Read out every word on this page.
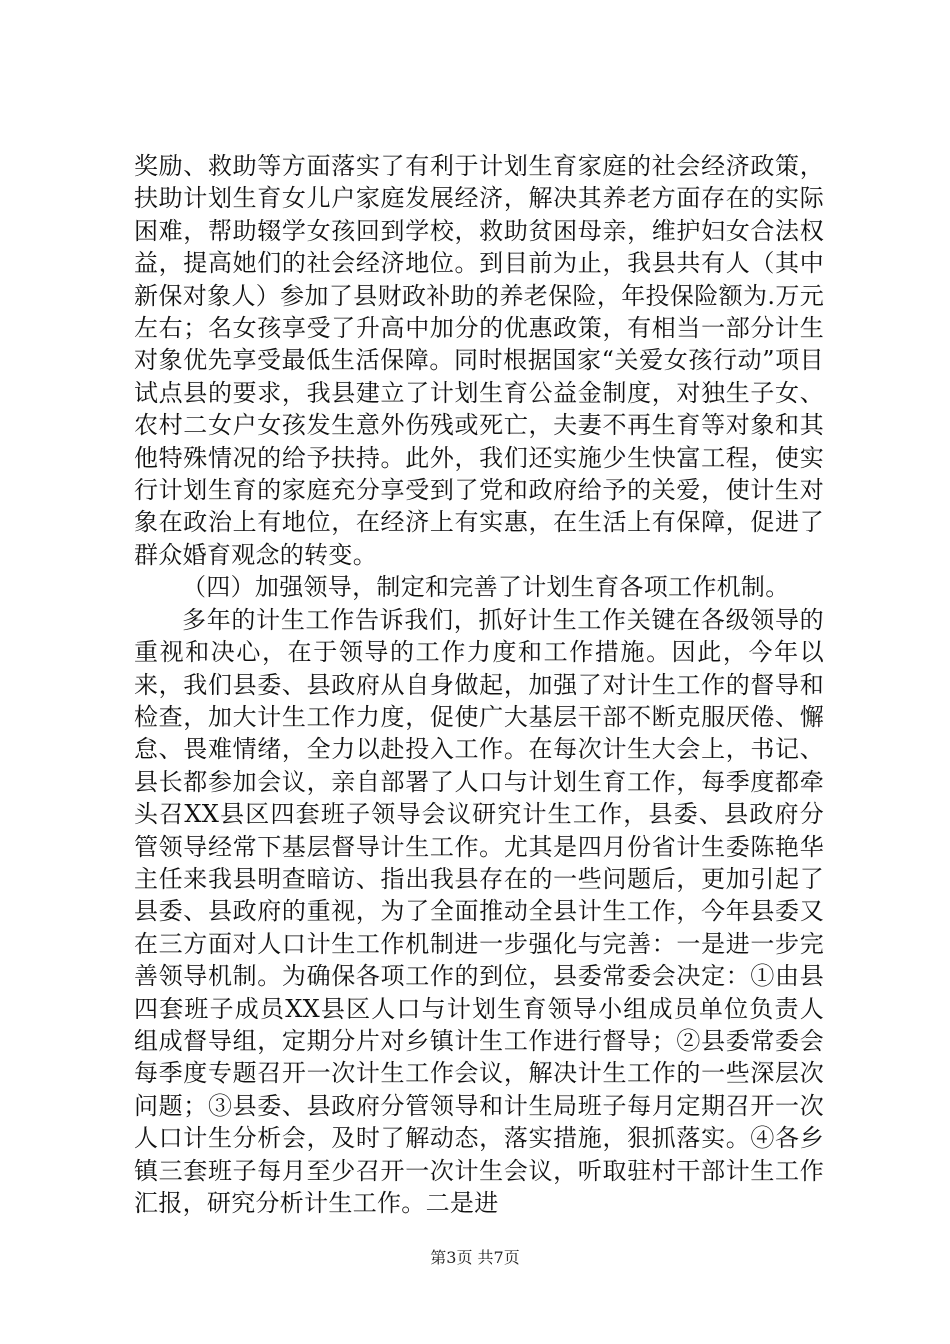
奖励、救助等方面落实了有利于计划生育家庭的社会经济政策，扶助计划生育女儿户家庭发展经济，解决其养老方面存在的实际困难，帮助辍学女孩回到学校，救助贫困母亲，维护妇女合法权益，提高她们的社会经济地位。到目前为止，我县共有人（其中新保对象人）参加了县财政补助的养老保险，年投保险额为.万元左右；名女孩享受了升高中加分的优惠政策，有相当一部分计生对象优先享受最低生活保障。同时根据国家“关爱女孩行动”项目试点县的要求，我县建立了计划生育公益金制度，对独生子女、农村二女户女孩发生意外伤残或死亡，夫妻不再生育等对象和其他特殊情况的给予扶持。此外，我们还实施少生快富工程，使实行计划生育的家庭充分享受到了党和政府给予的关爱，使计生对象在政治上有地位，在经济上有实惠，在生活上有保障，促进了群众婚育观念的转变。

（四）加强领导，制定和完善了计划生育各项工作机制。

多年的计生工作告诉我们，抓好计生工作关键在各级领导的重视和决心，在于领导的工作力度和工作措施。因此，今年以来，我们县委、县政府从自身做起，加强了对计生工作的督导和检查，加大计生工作力度，促使广大基层干部不断克服厌倦、懈怠、畏难情绪，全力以赴投入工作。在每次计生大会上，书记、县长都参加会议，亲自部署了人口与计划生育工作，每季度都牵头召XX县区四套班子领导会议研究计生工作，县委、县政府分管领导经常下基层督导计生工作。尤其是四月份省计生委陈艳华主任来我县明查暗访、指出我县存在的一些问题后，更加引起了县委、县政府的重视，为了全面推动全县计生工作，今年县委又在三方面对人口计生工作机制进一步强化与完善：一是进一步完善领导机制。为确保各项工作的到位，县委常委会决定：①由县四套班子成员XX县区人口与计划生育领导小组成员单位负责人组成督导组，定期分片对乡镇计生工作进行督导；②县委常委会每季度专题召开一次计生工作会议，解决计生工作的一些深层次问题；③县委、县政府分管领导和计生局班子每月定期召开一次人口计生分析会，及时了解动态，落实措施，狠抓落实。④各乡镇三套班子每月至少召开一次计生会议，听取驻村干部计生工作汇报，研究分析计生工作。二是进

第3页 共7页
